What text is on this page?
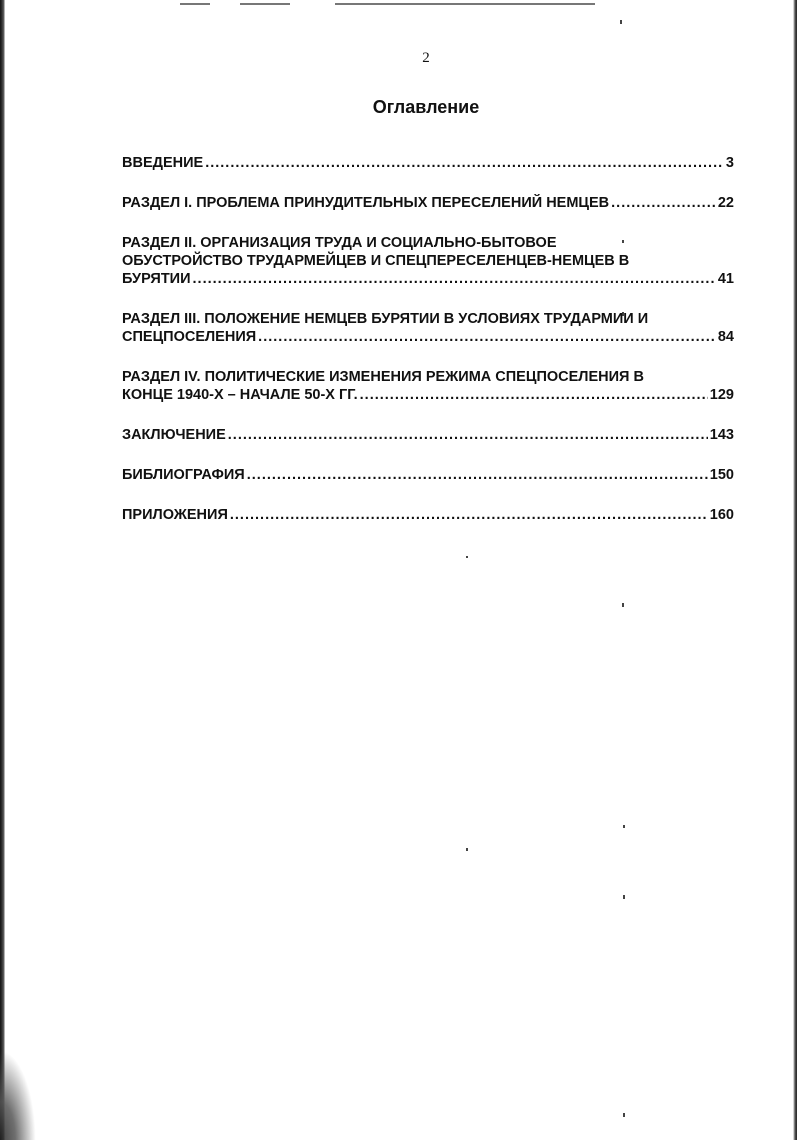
2
Оглавление
ВВЕДЕНИЕ .....	3
РАЗДЕЛ I. ПРОБЛЕМА ПРИНУДИТЕЛЬНЫХ ПЕРЕСЕЛЕНИЙ НЕМЦЕВ .....	22
РАЗДЕЛ II. ОРГАНИЗАЦИЯ ТРУДА И СОЦИАЛЬНО-БЫТОВОЕ
ОБУСТРОЙСТВО ТРУДАРМЕЙЦЕВ И СПЕЦПЕРЕСЕЛЕНЦЕВ-НЕМЦЕВ В
БУРЯТИИ .....	41
РАЗДЕЛ III. ПОЛОЖЕНИЕ НЕМЦЕВ БУРЯТИИ В УСЛОВИЯХ ТРУДАРМИИ И
СПЕЦПОСЕЛЕНИЯ .....	84
РАЗДЕЛ IV. ПОЛИТИЧЕСКИЕ ИЗМЕНЕНИЯ РЕЖИМА СПЕЦПОСЕЛЕНИЯ В
КОНЦЕ 1940-Х – НАЧАЛЕ 50-Х ГГ. .....	129
ЗАКЛЮЧЕНИЕ .....	143
БИБЛИОГРАФИЯ .....	150
ПРИЛОЖЕНИЯ .....	160
